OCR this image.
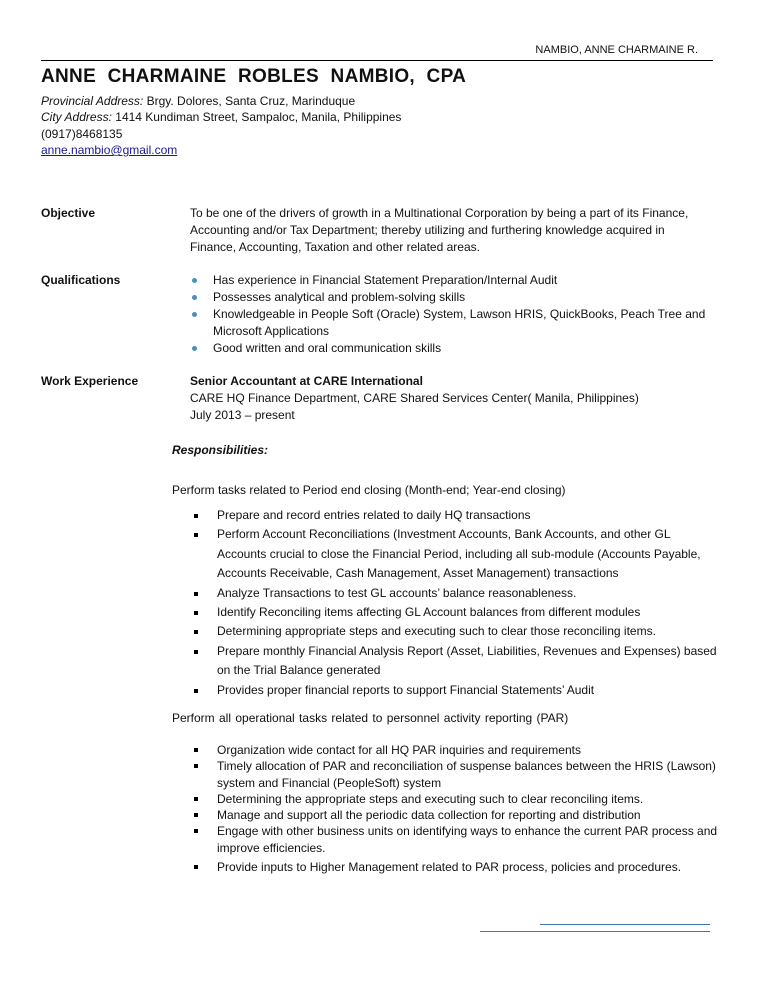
NAMBIO, ANNE CHARMAINE R.
ANNE CHARMAINE ROBLES NAMBIO, CPA
Provincial Address: Brgy. Dolores, Santa Cruz, Marinduque
City Address: 1414 Kundiman Street, Sampaloc, Manila, Philippines
(0917)8468135
anne.nambio@gmail.com
Objective	To be one of the drivers of growth in a Multinational Corporation by being a part of its Finance, Accounting and/or Tax Department; thereby utilizing and furthering knowledge acquired in Finance, Accounting, Taxation and other related areas.
Qualifications	Has experience in Financial Statement Preparation/Internal Audit
Possesses analytical and problem-solving skills
Knowledgeable in People Soft (Oracle) System, Lawson HRIS, QuickBooks, Peach Tree and Microsoft Applications
Good written and oral communication skills
Work Experience	Senior Accountant at CARE International
CARE HQ Finance Department, CARE Shared Services Center( Manila, Philippines)
July 2013 – present
Responsibilities:
Perform tasks related to Period end closing (Month-end; Year-end closing)
Prepare and record entries related to daily HQ transactions
Perform Account Reconciliations (Investment Accounts, Bank Accounts, and other GL Accounts crucial to close the Financial Period, including all sub-module (Accounts Payable, Accounts Receivable, Cash Management, Asset Management) transactions
Analyze Transactions to test GL accounts’ balance reasonableness.
Identify Reconciling items affecting GL Account balances from different modules
Determining appropriate steps and executing such to clear those reconciling items.
Prepare monthly Financial Analysis Report (Asset, Liabilities, Revenues and Expenses) based on the Trial Balance generated
Provides proper financial reports to support Financial Statements’ Audit
Perform all operational tasks related to personnel activity reporting (PAR)
Organization wide contact for all HQ PAR inquiries and requirements
Timely allocation of PAR and reconciliation of suspense balances between the HRIS (Lawson) system and Financial (PeopleSoft) system
Determining the appropriate steps and executing such to clear reconciling items.
Manage and support all the periodic data collection for reporting and distribution
Engage with other business units on identifying ways to enhance the current PAR process and improve efficiencies.
Provide inputs to Higher Management related to PAR process, policies and procedures.
